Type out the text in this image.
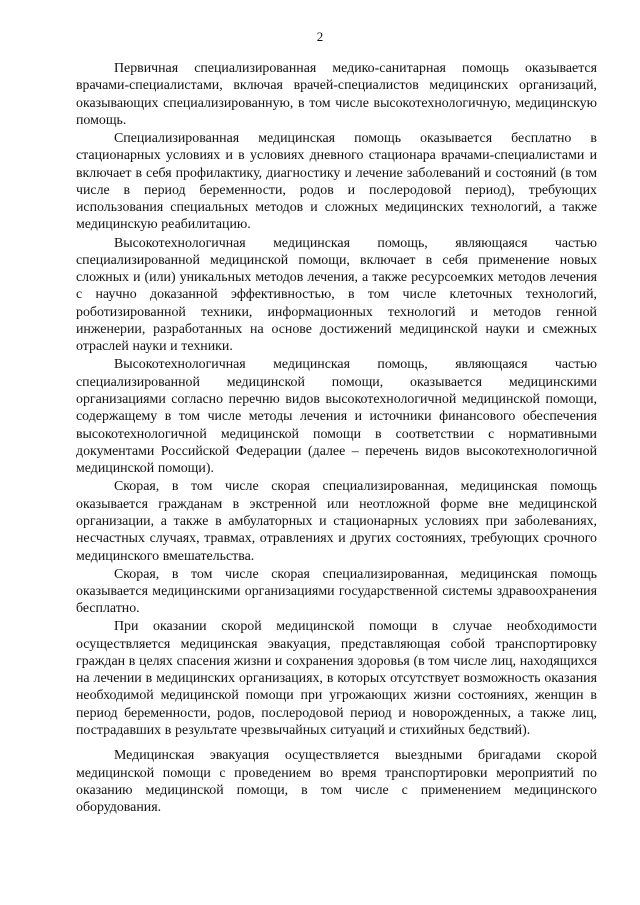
2

Первичная специализированная медико-санитарная помощь оказывается врачами-специалистами, включая врачей-специалистов медицинских организаций, оказывающих специализированную, в том числе высокотехнологичную, медицинскую помощь.

Специализированная медицинская помощь оказывается бесплатно в стационарных условиях и в условиях дневного стационара врачами-специалистами и включает в себя профилактику, диагностику и лечение заболеваний и состояний (в том числе в период беременности, родов и послеродовой период), требующих использования специальных методов и сложных медицинских технологий, а также медицинскую реабилитацию.

Высокотехнологичная медицинская помощь, являющаяся частью специализированной медицинской помощи, включает в себя применение новых сложных и (или) уникальных методов лечения, а также ресурсоемких методов лечения с научно доказанной эффективностью, в том числе клеточных технологий, роботизированной техники, информационных технологий и методов генной инженерии, разработанных на основе достижений медицинской науки и смежных отраслей науки и техники.

Высокотехнологичная медицинская помощь, являющаяся частью специализированной медицинской помощи, оказывается медицинскими организациями согласно перечню видов высокотехнологичной медицинской помощи, содержащему в том числе методы лечения и источники финансового обеспечения высокотехнологичной медицинской помощи в соответствии с нормативными документами Российской Федерации (далее – перечень видов высокотехнологичной медицинской помощи).

Скорая, в том числе скорая специализированная, медицинская помощь оказывается гражданам в экстренной или неотложной форме вне медицинской организации, а также в амбулаторных и стационарных условиях при заболеваниях, несчастных случаях, травмах, отравлениях и других состояниях, требующих срочного медицинского вмешательства.

Скорая, в том числе скорая специализированная, медицинская помощь оказывается медицинскими организациями государственной системы здравоохранения бесплатно.

При оказании скорой медицинской помощи в случае необходимости осуществляется медицинская эвакуация, представляющая собой транспортировку граждан в целях спасения жизни и сохранения здоровья (в том числе лиц, находящихся на лечении в медицинских организациях, в которых отсутствует возможность оказания необходимой медицинской помощи при угрожающих жизни состояниях, женщин в период беременности, родов, послеродовой период и новорожденных, а также лиц, пострадавших в результате чрезвычайных ситуаций и стихийных бедствий).

Медицинская эвакуация осуществляется выездными бригадами скорой медицинской помощи с проведением во время транспортировки мероприятий по оказанию медицинской помощи, в том числе с применением медицинского оборудования.
